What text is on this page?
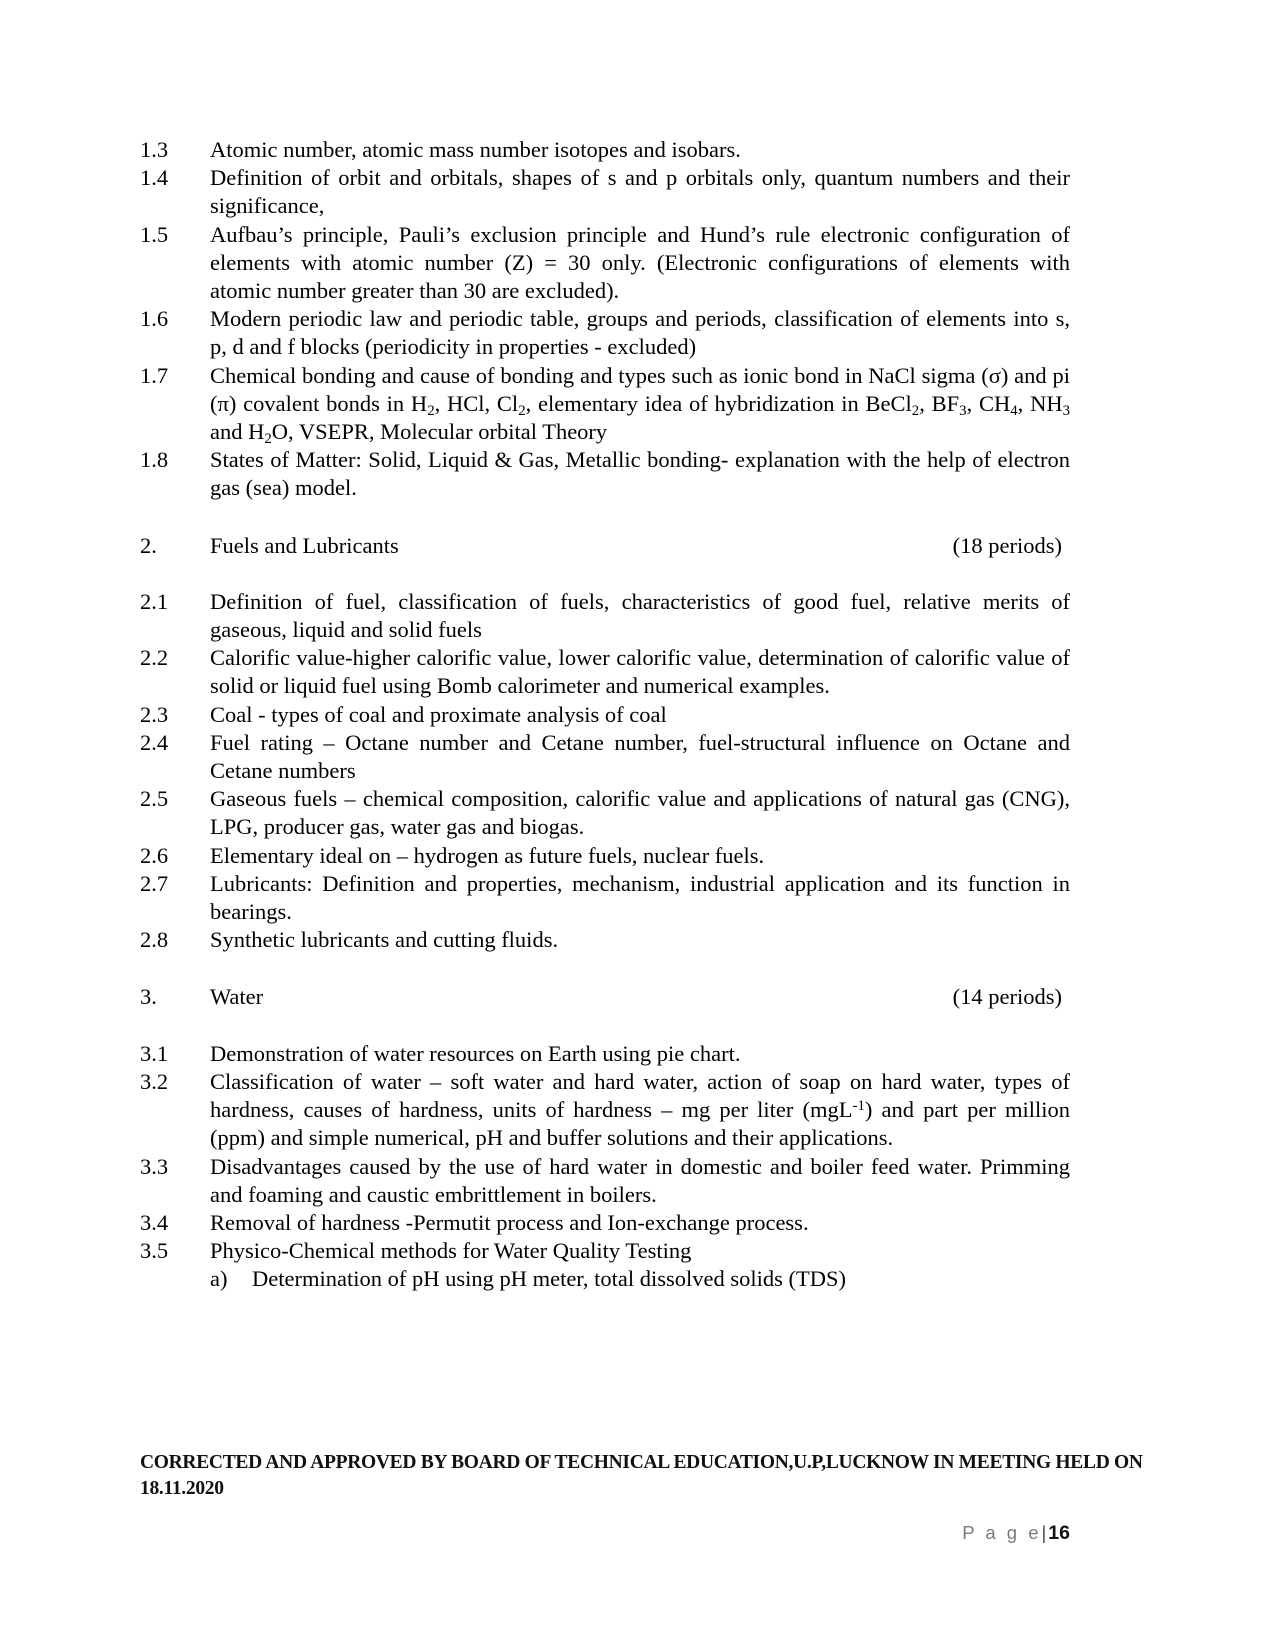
1.3	Atomic number, atomic mass number isotopes and isobars.
1.4	Definition of orbit and orbitals, shapes of s and p orbitals only, quantum numbers and their significance,
1.5	Aufbau’s principle, Pauli’s exclusion principle and Hund’s rule electronic configuration of elements with atomic number (Z) = 30 only. (Electronic configurations of elements with atomic number greater than 30 are excluded).
1.6	Modern periodic law and periodic table, groups and periods, classification of elements into s, p, d and f blocks (periodicity in properties - excluded)
1.7	Chemical bonding and cause of bonding and types such as ionic bond in NaCl sigma (σ) and pi (π) covalent bonds in $H_2$, HCl, $Cl_2$, elementary idea of hybridization in BeCl$_2$, $BF_3$, $CH_4$, $NH_3$ and $H_2O$, VSEPR, Molecular orbital Theory
1.8	States of Matter: Solid, Liquid & Gas, Metallic bonding- explanation with the help of electron gas (sea) model.
2.	Fuels and Lubricants	(18 periods)
2.1	Definition of fuel, classification of fuels, characteristics of good fuel, relative merits of gaseous, liquid and solid fuels
2.2	Calorific value-higher calorific value, lower calorific value, determination of calorific value of solid or liquid fuel using Bomb calorimeter and numerical examples.
2.3	Coal - types of coal and proximate analysis of coal
2.4	Fuel rating – Octane number and Cetane number, fuel-structural influence on Octane and Cetane numbers
2.5	Gaseous fuels – chemical composition, calorific value and applications of natural gas (CNG), LPG, producer gas, water gas and biogas.
2.6	Elementary ideal on – hydrogen as future fuels, nuclear fuels.
2.7	Lubricants: Definition and properties, mechanism, industrial application and its function in bearings.
2.8	Synthetic lubricants and cutting fluids.
3.	Water	(14 periods)
3.1	Demonstration of water resources on Earth using pie chart.
3.2	Classification of water – soft water and hard water, action of soap on hard water, types of hardness, causes of hardness, units of hardness – mg per liter (mgL$^{-1}$) and part per million (ppm) and simple numerical, pH and buffer solutions and their applications.
3.3	Disadvantages caused by the use of hard water in domestic and boiler feed water. Primming and foaming and caustic embrittlement in boilers.
3.4	Removal of hardness -Permutit process and Ion-exchange process.
3.5	Physico-Chemical methods for Water Quality Testing
a)	Determination of pH using pH meter, total dissolved solids (TDS)
CORRECTED AND APPROVED BY BOARD OF TECHNICAL EDUCATION,U.P,LUCKNOW IN MEETING HELD ON
18.11.2020
P a g e| 16
